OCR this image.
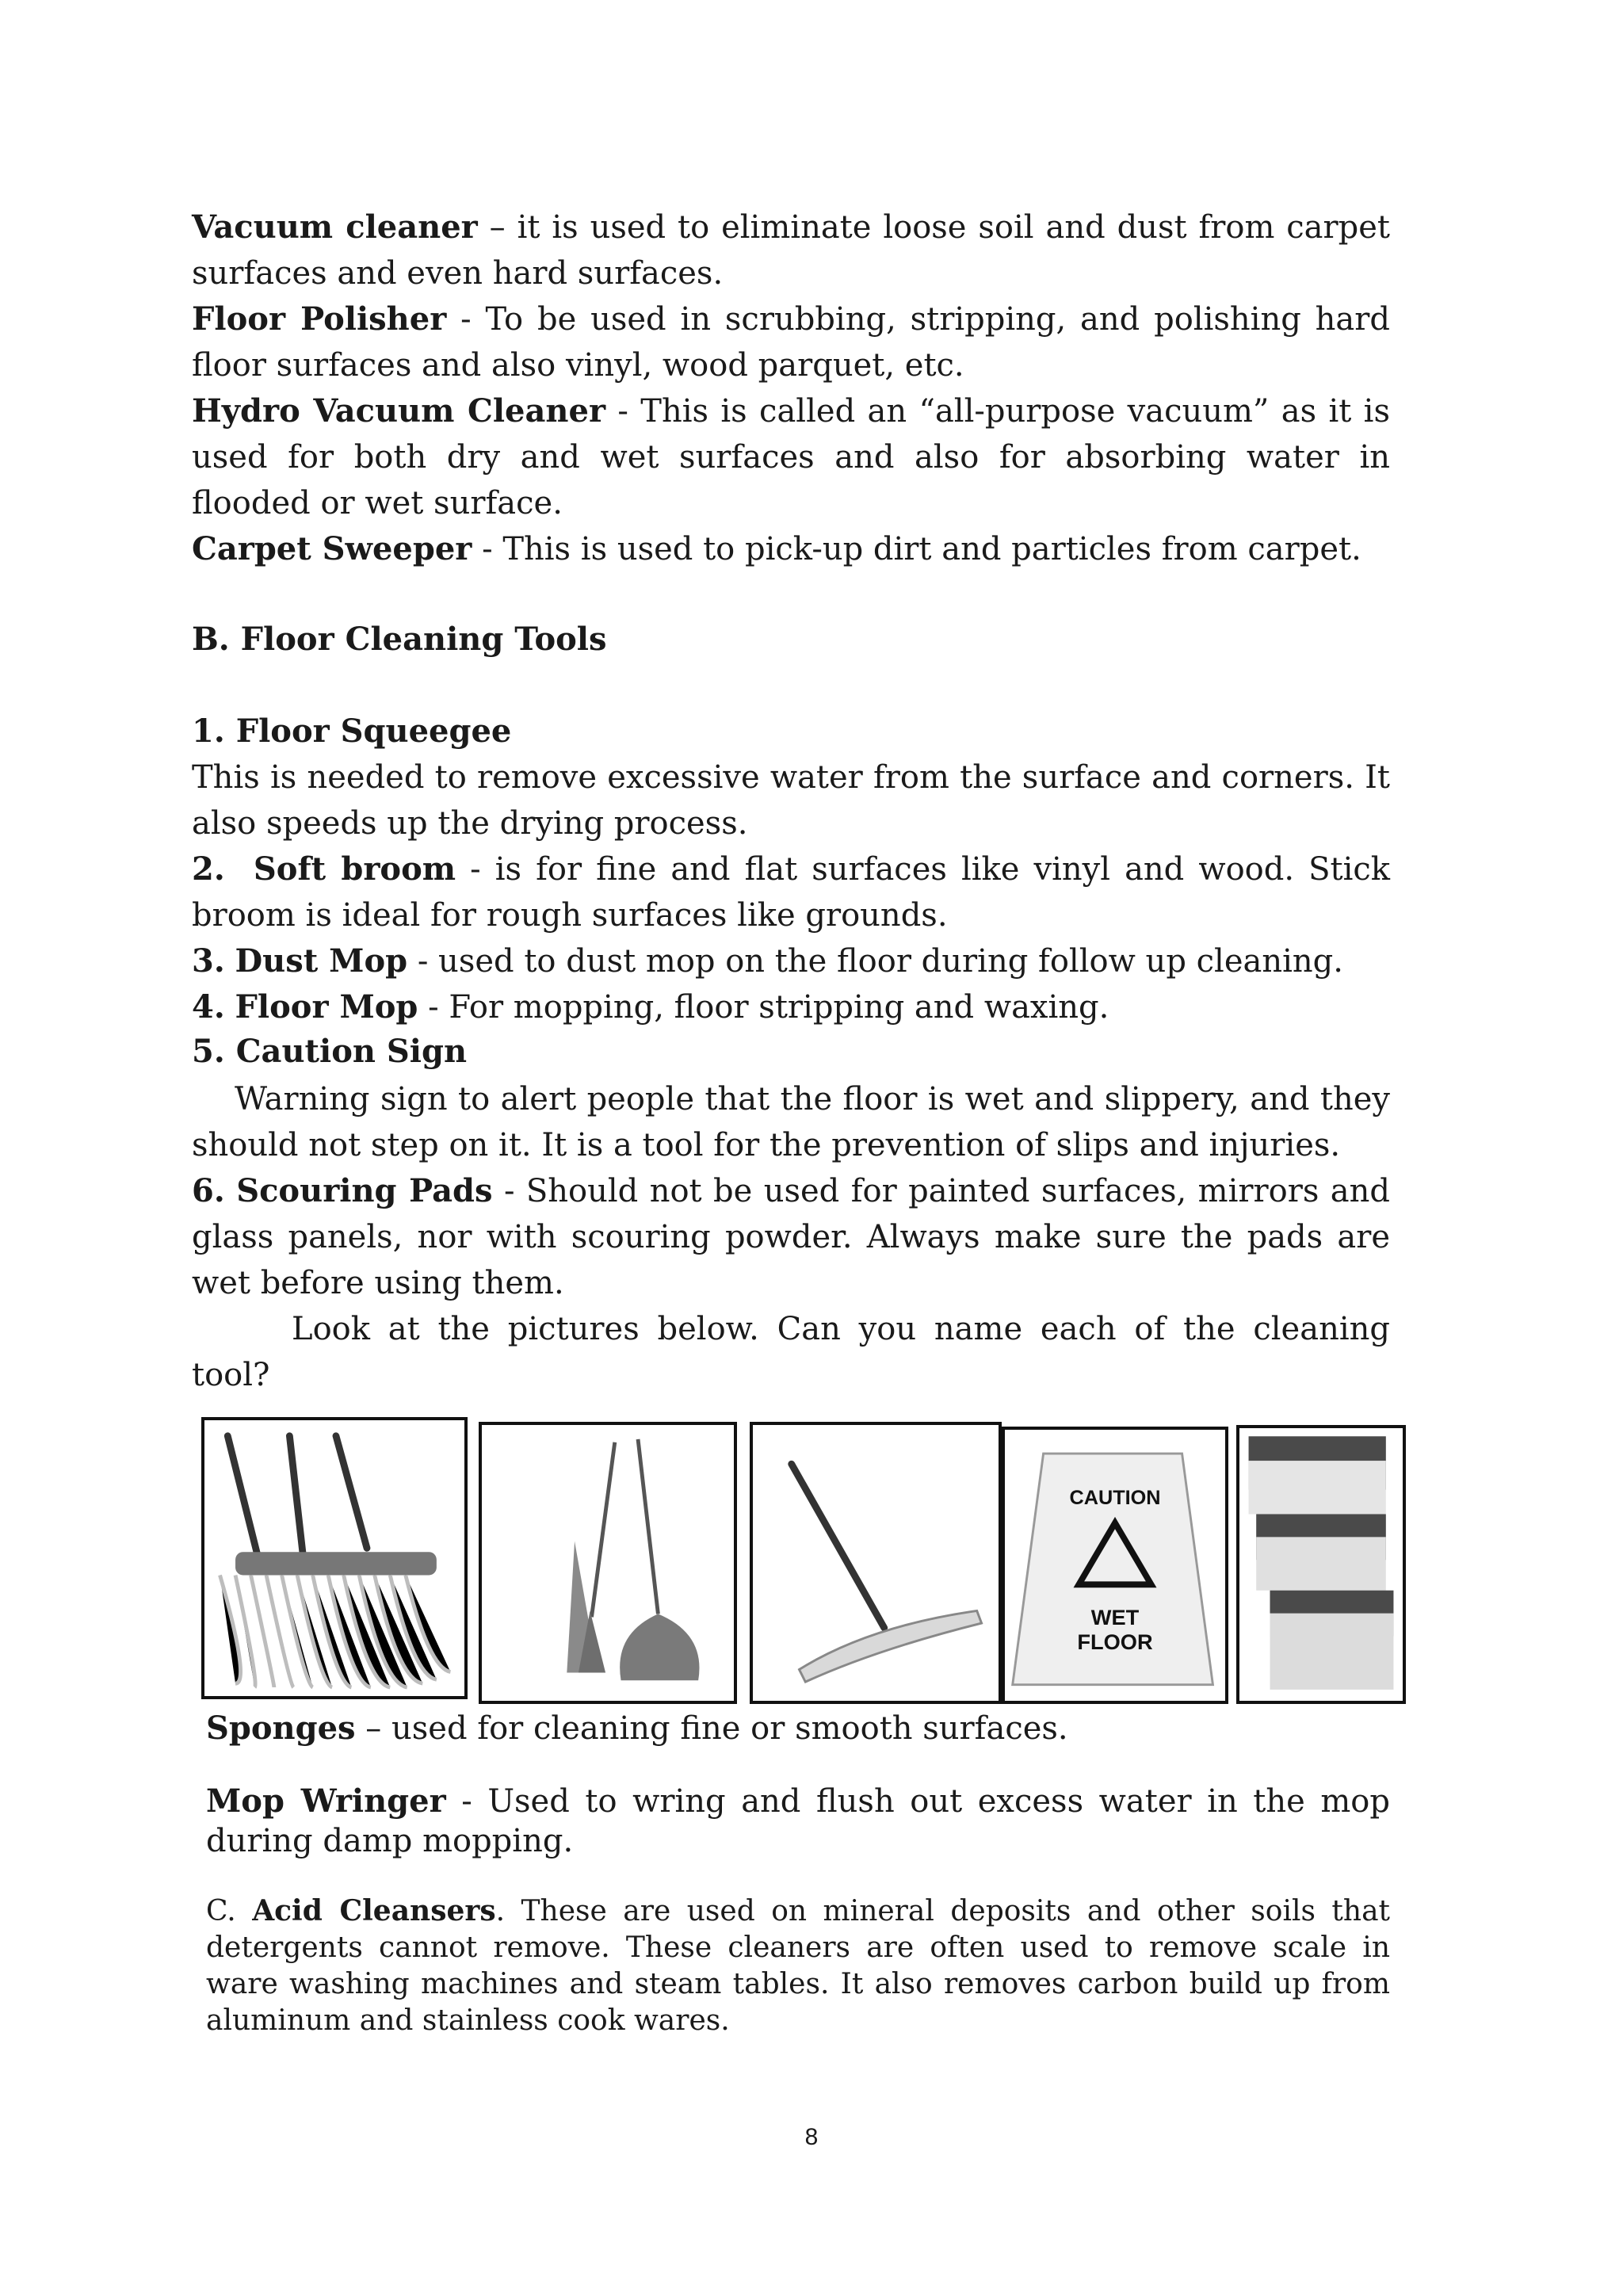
Vacuum cleaner – it is used to eliminate loose soil and dust from carpet surfaces and even hard surfaces.

Floor Polisher - To be used in scrubbing, stripping, and polishing hard floor surfaces and also vinyl, wood parquet, etc.

Hydro Vacuum Cleaner - This is called an “all-purpose vacuum” as it is used for both dry and wet surfaces and also for absorbing water in flooded or wet surface.

Carpet Sweeper - This is used to pick-up dirt and particles from carpet.

B. Floor Cleaning Tools

1. Floor Squeegee

This is needed to remove excessive water from the surface and corners. It also speeds up the drying process.

2. Soft broom - is for fine and flat surfaces like vinyl and wood. Stick broom is ideal for rough surfaces like grounds.

3. Dust Mop - used to dust mop on the floor during follow up cleaning.

4. Floor Mop - For mopping, floor stripping and waxing.

5. Caution Sign

Warning sign to alert people that the floor is wet and slippery, and they should not step on it. It is a tool for the prevention of slips and injuries.

6. Scouring Pads - Should not be used for painted surfaces, mirrors and glass panels, nor with scouring powder. Always make sure the pads are wet before using them.

Look at the pictures below. Can you name each of the cleaning tool?

CAUTION
WET
FLOOR

Sponges – used for cleaning fine or smooth surfaces.

Mop Wringer - Used to wring and flush out excess water in the mop during damp mopping.

C. Acid Cleansers. These are used on mineral deposits and other soils that detergents cannot remove. These cleaners are often used to remove scale in ware washing machines and steam tables. It also removes carbon build up from aluminum and stainless cook wares.

8
